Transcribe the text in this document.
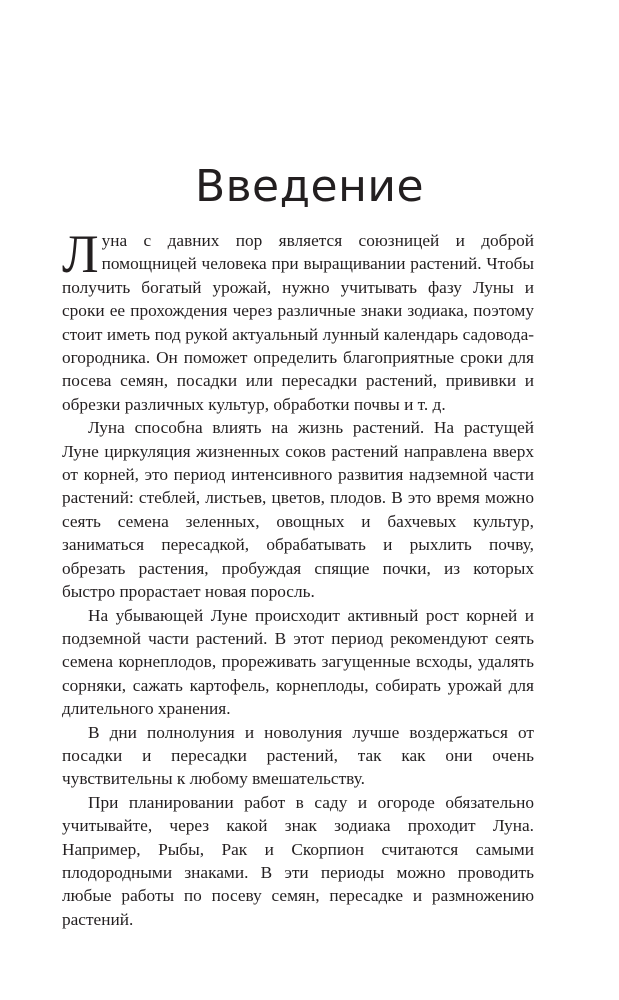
Введение

Луна с давних пор является союзницей и доброй помощницей человека при выращивании растений. Чтобы получить богатый урожай, нужно учитывать фазу Луны и сроки ее прохождения через различные знаки зодиака, поэтому стоит иметь под рукой актуальный лунный календарь садовода-огородника. Он поможет определить благоприятные сроки для посева семян, посадки или пересадки растений, прививки и обрезки различных культур, обработки почвы и т. д.

Луна способна влиять на жизнь растений. На растущей Луне циркуляция жизненных соков растений направлена вверх от корней, это период интенсивного развития надземной части растений: стеблей, листьев, цветов, плодов. В это время можно сеять семена зеленных, овощных и бахчевых культур, заниматься пересадкой, обрабатывать и рыхлить почву, обрезать растения, пробуждая спящие почки, из которых быстро прорастает новая поросль.

На убывающей Луне происходит активный рост корней и подземной части растений. В этот период рекомендуют сеять семена корнеплодов, прореживать загущенные всходы, удалять сорняки, сажать картофель, корнеплоды, собирать урожай для длительного хранения.

В дни полнолуния и новолуния лучше воздержаться от посадки и пересадки растений, так как они очень чувствительны к любому вмешательству.

При планировании работ в саду и огороде обязательно учитывайте, через какой знак зодиака проходит Луна. Например, Рыбы, Рак и Скорпион считаются самыми плодородными знаками. В эти периоды можно проводить любые работы по посеву семян, пересадке и размножению растений.
